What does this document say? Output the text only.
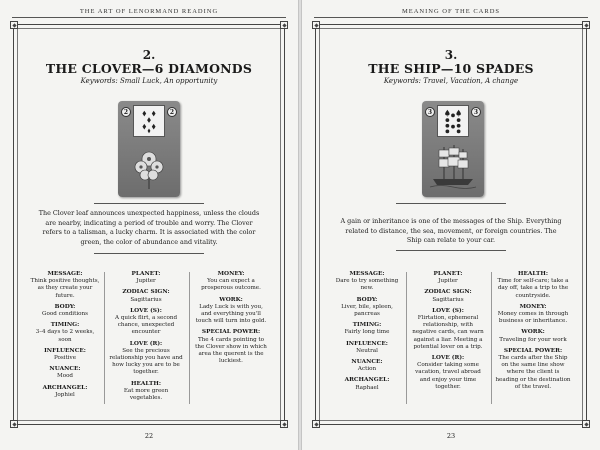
THE ART OF LENORMAND READING
2.
THE CLOVER—6 DIAMONDS
Keywords: Small Luck, An opportunity
2	2
The Clover leaf announces unexpected happiness, unless the clouds are nearby, indicating a period of trouble and worry. The Clover refers to a talisman, a lucky charm. It is associated with the color green, the color of abundance and vitality.
MESSAGE:
Think positive thoughts, as they create your future.
BODY:
Good conditions
TIMING:
3–4 days to 2 weeks, soon
INFLUENCE:
Positive
NUANCE:
Mood
ARCHANGEL:
Jophiel
PLANET:
Jupiter
ZODIAC SIGN:
Sagittarius
LOVE (S):
A quick flirt, a second chance, unexpected encounter
LOVE (R):
See the precious relationship you have and how lucky you are to be together.
HEALTH:
Eat more green vegetables.
MONEY:
You can expect a prosperous outcome.
WORK:
Lady Luck is with you, and everything you'll touch will turn into gold.
SPECIAL POWER:
The 4 cards pointing to the Clover show in which area the querent is the luckiest.
22
MEANING OF THE CARDS
3.
THE SHIP—10 SPADES
Keywords: Travel, Vacation, A change
3	3
A gain or inheritance is one of the messages of the Ship. Everything related to distance, the sea, movement, or foreign countries. The Ship can relate to your car.
MESSAGE:
Dare to try something new.
BODY:
Liver, bile, spleen, pancreas
TIMING:
Fairly long time
INFLUENCE:
Neutral
NUANCE:
Action
ARCHANGEL:
Raphael
PLANET:
Jupiter
ZODIAC SIGN:
Sagittarius
LOVE (S):
Flirtation, ephemeral relationship, with negative cards, can warn against a liar. Meeting a potential lover on a trip.
LOVE (R):
Consider taking some vacation, travel abroad and enjoy your time together.
HEALTH:
Time for self-care; take a day off, take a trip to the countryside.
MONEY:
Money comes in through business or inheritance.
WORK:
Traveling for your work
SPECIAL POWER:
The cards after the Ship on the same line show where the client is heading or the destination of the travel.
23
